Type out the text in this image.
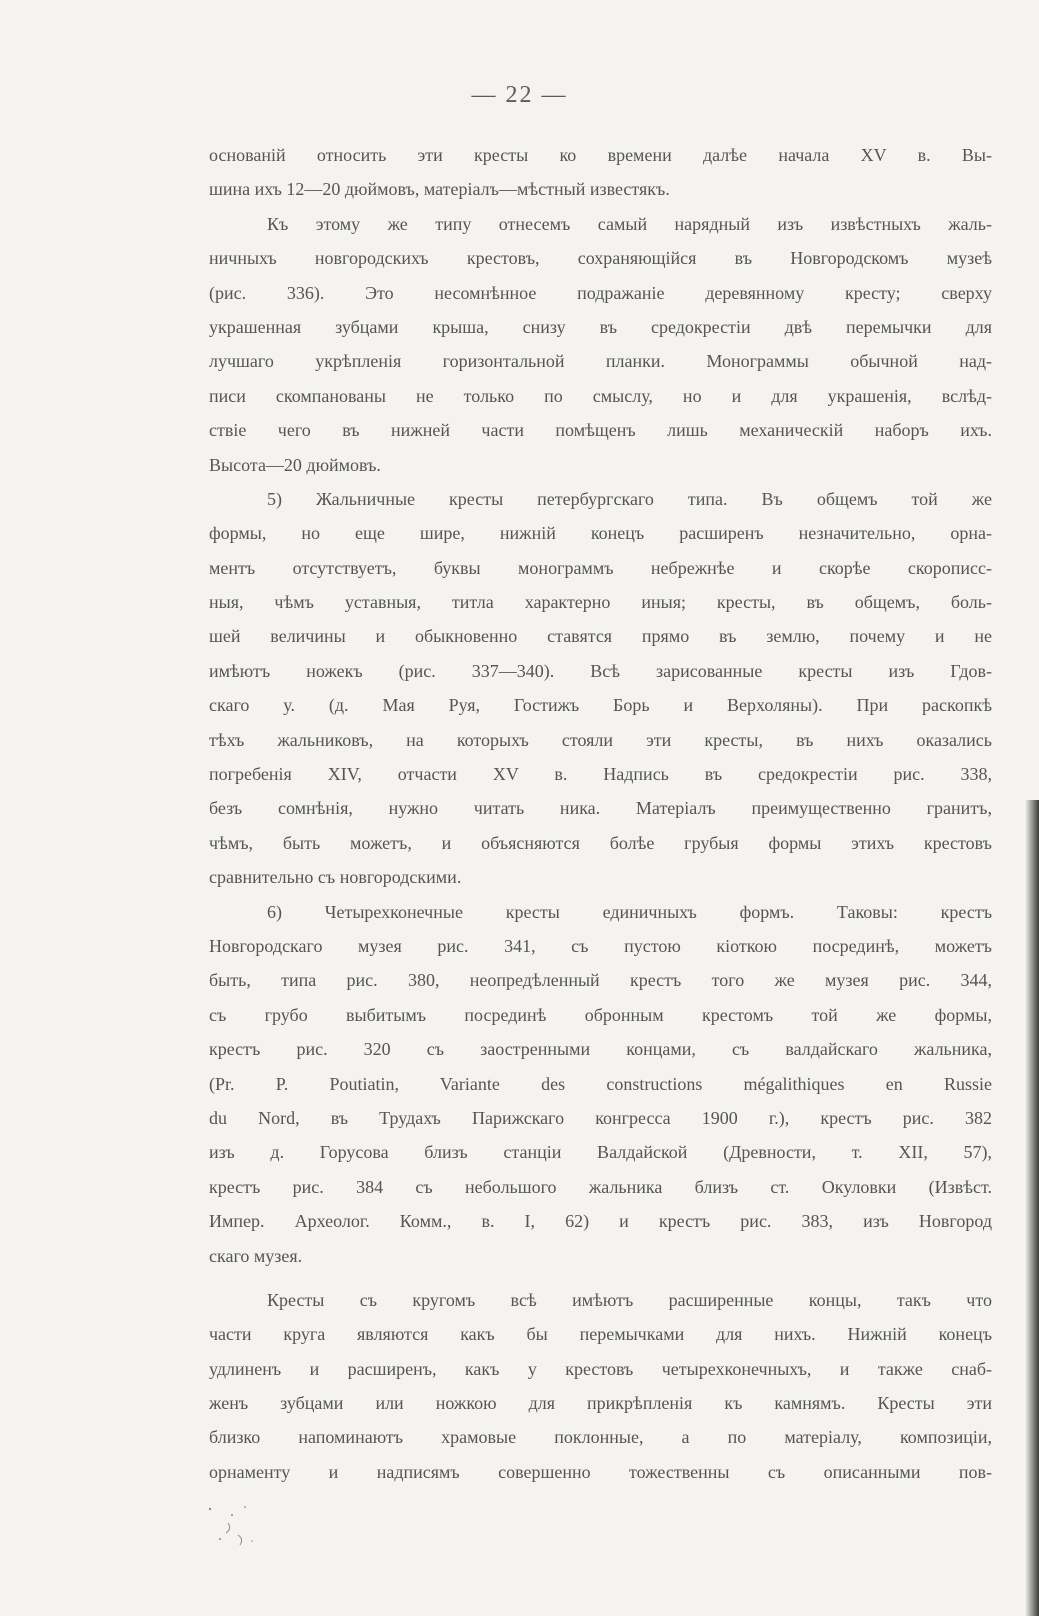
— 22 —
основаній относить эти кресты ко времени далѣе начала XV в. Вы-
шина ихъ 12—20 дюймовъ, матеріалъ—мѣстный известякъ.
Къ этому же типу отнесемъ самый нарядный изъ извѣстныхъ жаль-
ничныхъ новгородскихъ крестовъ, сохраняющійся въ Новгородскомъ музеѣ
(рис. 336). Это несомнѣнное подражаніе деревянному кресту; сверху
украшенная зубцами крыша, снизу въ средокрестіи двѣ перемычки для
лучшаго укрѣпленія горизонтальной планки. Монограммы обычной над-
писи скомпанованы не только по смыслу, но и для украшенія, вслѣд-
ствіе чего въ нижней части помѣщенъ лишь механическій наборъ ихъ.
Высота—20 дюймовъ.
5) Жальничные кресты петербургскаго типа. Въ общемъ той же
формы, но еще шире, нижній конецъ расширенъ незначительно, орна-
ментъ отсутствуетъ, буквы монограммъ небрежнѣе и скорѣе скорописс-
ныя, чѣмъ уставныя, титла характерно иныя; кресты, въ общемъ, боль-
шей величины и обыкновенно ставятся прямо въ землю, почему и не
имѣютъ ножекъ (рис. 337—340). Всѣ зарисованные кресты изъ Гдов-
скаго у. (д. Мая Руя, Гостижъ Борь и Верхоляны). При раскопкѣ
тѣхъ жальниковъ, на которыхъ стояли эти кресты, въ нихъ оказались
погребенія XIV, отчасти XV в. Надпись въ средокрестіи рис. 338,
безъ сомнѣнія, нужно читать ника. Матеріалъ преимущественно гранитъ,
чѣмъ, быть можетъ, и объясняются болѣе грубыя формы этихъ крестовъ
сравнительно съ новгородскими.
6) Четырехконечные кресты единичныхъ формъ. Таковы: крестъ
Новгородскаго музея рис. 341, съ пустою кіоткою посрединѣ, можетъ
быть, типа рис. 380, неопредѣленный крестъ того же музея рис. 344,
съ грубо выбитымъ посрединѣ обронным крестомъ той же формы,
крестъ рис. 320 съ заостренными концами, съ валдайскаго жальника,
(Pr. P. Poutiatin, Variante des constructions mégalithiques en Russie
du Nord, въ Трудахъ Парижскаго конгресса 1900 г.), крестъ рис. 382
изъ д. Горусова близъ станціи Валдайской (Древности, т. XII, 57),
крестъ рис. 384 съ небольшого жальника близъ ст. Окуловки (Извѣст.
Импер. Археолог. Комм., в. I, 62) и крестъ рис. 383, изъ Новгород
скаго музея.
Кресты съ кругомъ всѣ имѣютъ расширенные концы, такъ что
части круга являются какъ бы перемычками для нихъ. Нижній конецъ
удлиненъ и расширенъ, какъ у крестовъ четырехконечныхъ, и также снаб-
женъ зубцами или ножкою для прикрѣпленія къ камнямъ. Кресты эти
близко напоминаютъ храмовые поклонные, а по матеріалу, композиціи,
орнаменту и надписямъ совершенно тожественны съ описанными пов-
